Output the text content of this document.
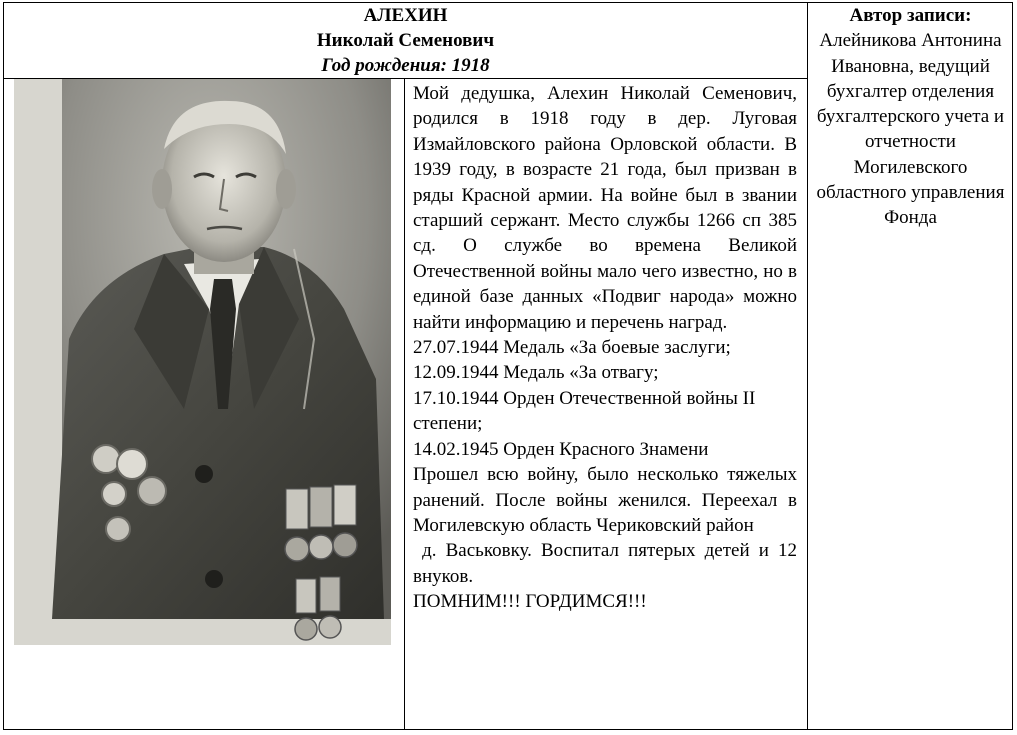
АЛЕХИН
Николай Семенович
Год рождения: 1918
Автор записи:
Алейникова Антонина Ивановна, ведущий бухгалтер отделения бухгалтерского учета и отчетности Могилевского областного управления Фонда

Мой дедушка, Алехин Николай Семенович, родился в 1918 году в дер. Луговая Измайловского района Орловской области. В 1939 году, в возрасте 21 года, был призван в ряды Красной армии. На войне был в звании старший сержант. Место службы 1266 сп 385 сд. О службе во времена Великой Отечественной войны мало чего известно, но в единой базе данных «Подвиг народа» можно найти информацию и перечень наград.

27.07.1944 Медаль «За боевые заслуги;

12.09.1944 Медаль «За отвагу;

17.10.1944 Орден Отечественной войны II степени;

14.02.1945 Орден Красного Знамени

Прошел всю войну, было несколько тяжелых ранений. После войны женился. Переехал в Могилевскую область Чериковский район

д. Васьковку. Воспитал пятерых детей и 12 внуков.

ПОМНИМ!!! ГОРДИМСЯ!!!
